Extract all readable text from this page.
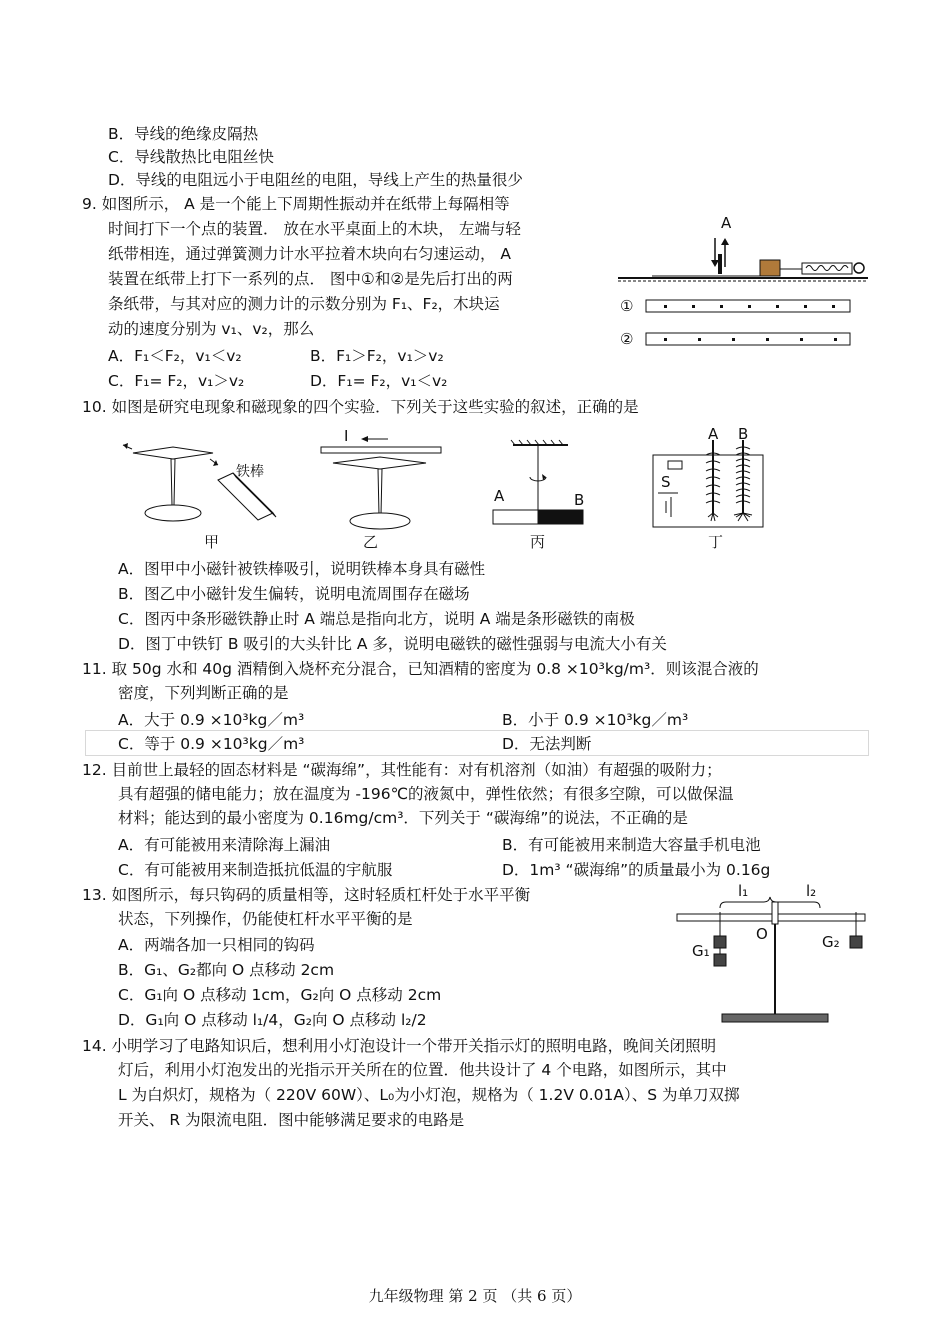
B．导线的绝缘皮隔热
C．导线散热比电阻丝快
D．导线的电阻远小于电阻丝的电阻，导线上产生的热量很少
9. 如图所示， A 是一个能上下周期性振动并在纸带上每隔相等
时间打下一个点的装置． 放在水平桌面上的木块， 左端与轻
纸带相连，通过弹簧测力计水平拉着木块向右匀速运动， A
装置在纸带上打下一系列的点． 图中①和②是先后打出的两
条纸带，与其对应的测力计的示数分别为 F₁、F₂，木块运
动的速度分别为 v₁、v₂，那么
A．F₁＜F₂，v₁＜v₂	B．F₁＞F₂，v₁＞v₂
C．F₁= F₂，v₁＞v₂	D．F₁= F₂，v₁＜v₂
A
①
②
10. 如图是研究电现象和磁现象的四个实验．下列关于这些实验的叙述，正确的是
铁棒
I
A	B
A B
S
甲	乙	丙	丁
A．图甲中小磁针被铁棒吸引，说明铁棒本身具有磁性
B．图乙中小磁针发生偏转，说明电流周围存在磁场
C．图丙中条形磁铁静止时 A 端总是指向北方，说明 A 端是条形磁铁的南极
D．图丁中铁钉 B 吸引的大头针比 A 多，说明电磁铁的磁性强弱与电流大小有关
11. 取 50g 水和 40g 酒精倒入烧杯充分混合，已知酒精的密度为 0.8 ×10³kg/m³．则该混合液的
密度，下列判断正确的是
A．大于 0.9 ×10³kg／m³	B．小于 0.9 ×10³kg／m³
C．等于 0.9 ×10³kg／m³	D．无法判断
12. 目前世上最轻的固态材料是 “碳海绵”，其性能有：对有机溶剂（如油）有超强的吸附力；
具有超强的储电能力；放在温度为 -196℃的液氮中，弹性依然；有很多空隙，可以做保温
材料；能达到的最小密度为 0.16mg/cm³．下列关于 “碳海绵”的说法，不正确的是
A．有可能被用来清除海上漏油	B．有可能被用来制造大容量手机电池
C．有可能被用来制造抵抗低温的宇航服	D．1m³ “碳海绵”的质量最小为 0.16g
13. 如图所示，每只钩码的质量相等，这时轻质杠杆处于水平平衡
状态，下列操作，仍能使杠杆水平平衡的是
A．两端各加一只相同的钩码
B．G₁、G₂都向 O 点移动 2cm
C．G₁向 O 点移动 1cm，G₂向 O 点移动 2cm
D．G₁向 O 点移动 l₁/4，G₂向 O 点移动 l₂/2
l₁	l₂
O
G₁	G₂
14. 小明学习了电路知识后，想利用小灯泡设计一个带开关指示灯的照明电路，晚间关闭照明
灯后，利用小灯泡发出的光指示开关所在的位置．他共设计了 4 个电路，如图所示，其中
L 为白炽灯，规格为（ 220V 60W）、L₀为小灯泡，规格为（ 1.2V 0.01A）、S 为单刀双掷
开关、 R 为限流电阻．图中能够满足要求的电路是
九年级物理 第 2 页 （共 6 页）
